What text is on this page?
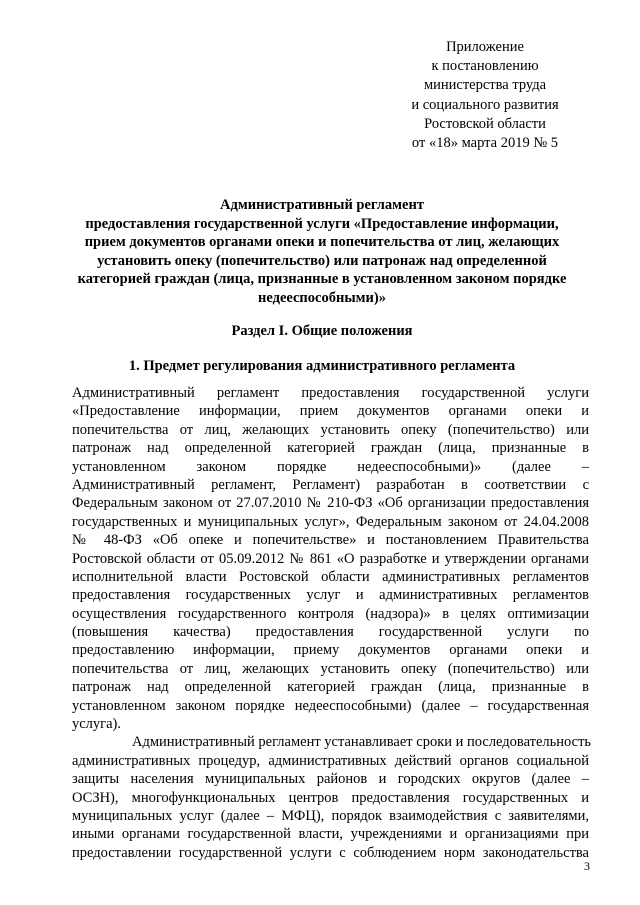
Приложение
к постановлению
министерства труда
и социального развития
Ростовской области
от «18» марта 2019 № 5
Административный регламент
предоставления государственной услуги «Предоставление информации,
прием документов органами опеки и попечительства от лиц, желающих
установить опеку (попечительство) или патронаж над определенной
категорией граждан (лица, признанные в установленном законом порядке
недееспособными)»
Раздел I. Общие положения
1. Предмет регулирования административного регламента
Административный регламент предоставления государственной услуги
«Предоставление информации, прием документов органами опеки и
попечительства от лиц, желающих установить опеку (попечительство) или
патронаж над определенной категорией граждан (лица, признанные в
установленном законом порядке недееспособными)» (далее –
Административный регламент, Регламент) разработан в соответствии с
Федеральным законом от 27.07.2010 № 210-ФЗ «Об организации предоставления
государственных и муниципальных услуг», Федеральным законом от 24.04.2008
№ 48-ФЗ «Об опеке и попечительстве» и постановлением Правительства
Ростовской области от 05.09.2012 № 861 «О разработке и утверждении органами
исполнительной власти Ростовской области административных регламентов
предоставления государственных услуг и административных регламентов
осуществления государственного контроля (надзора)» в целях оптимизации
(повышения качества) предоставления государственной услуги по
предоставлению информации, приему документов органами опеки и
попечительства от лиц, желающих установить опеку (попечительство) или
патронаж над определенной категорией граждан (лица, признанные в
установленном законом порядке недееспособными) (далее – государственная
услуга).
Административный регламент устанавливает сроки и последовательность
административных процедур, административных действий органов социальной
защиты населения муниципальных районов и городских округов (далее –
ОСЗН), многофункциональных центров предоставления государственных и
муниципальных услуг (далее – МФЦ), порядок взаимодействия с заявителями,
иными органами государственной власти, учреждениями и организациями при
предоставлении государственной услуги с соблюдением норм законодательства
3
